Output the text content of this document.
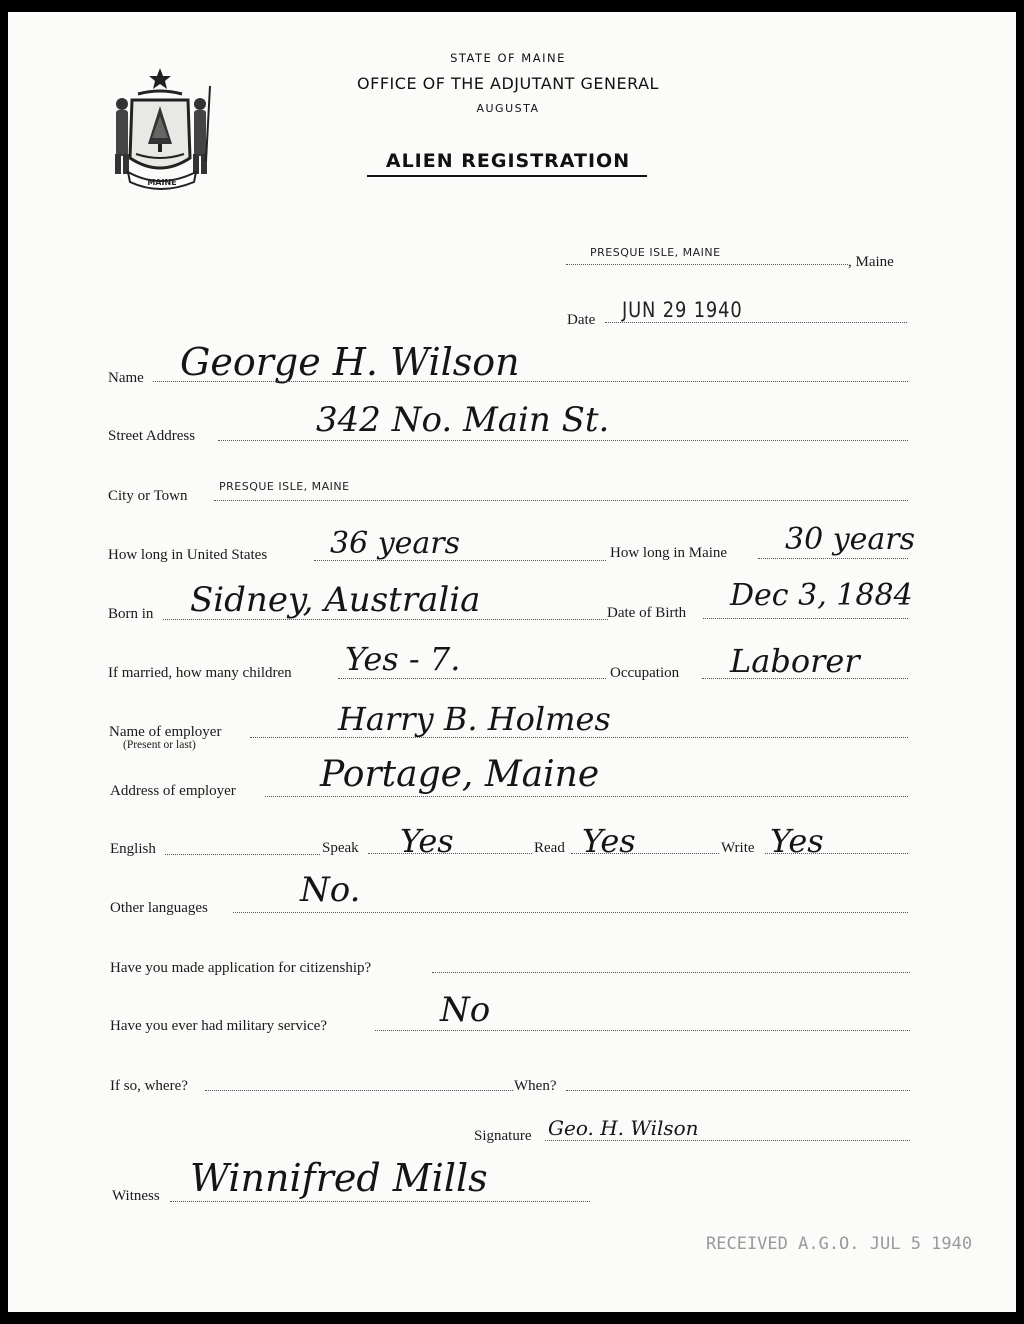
MAINE
STATE OF MAINE
OFFICE OF THE ADJUTANT GENERAL
AUGUSTA
ALIEN REGISTRATION
PRESQUE ISLE, MAINE
, Maine
Date JUN 29 1940
Name George H. Wilson
Street Address	342 No. Main St.
City or Town
PRESQUE ISLE, MAINE
How long in United States 36 years	How long in Maine 30 years
Born in Sidney, Australia	Date of Birth Dec 3, 1884
If married, how many children Yes - 7.	Occupation Laborer
Name of employer
(Present or last)
Harry B. Holmes
Address of employer Portage, Maine
English	Speak Yes	Read Yes	Write Yes
Other languages	No.
Have you made application for citizenship?
Have you ever had military service?	No
If so, where?	When?
Signature Geo. H. Wilson
Witness Winnifred Mills
RECEIVED A.G.O. JUL 5 1940
